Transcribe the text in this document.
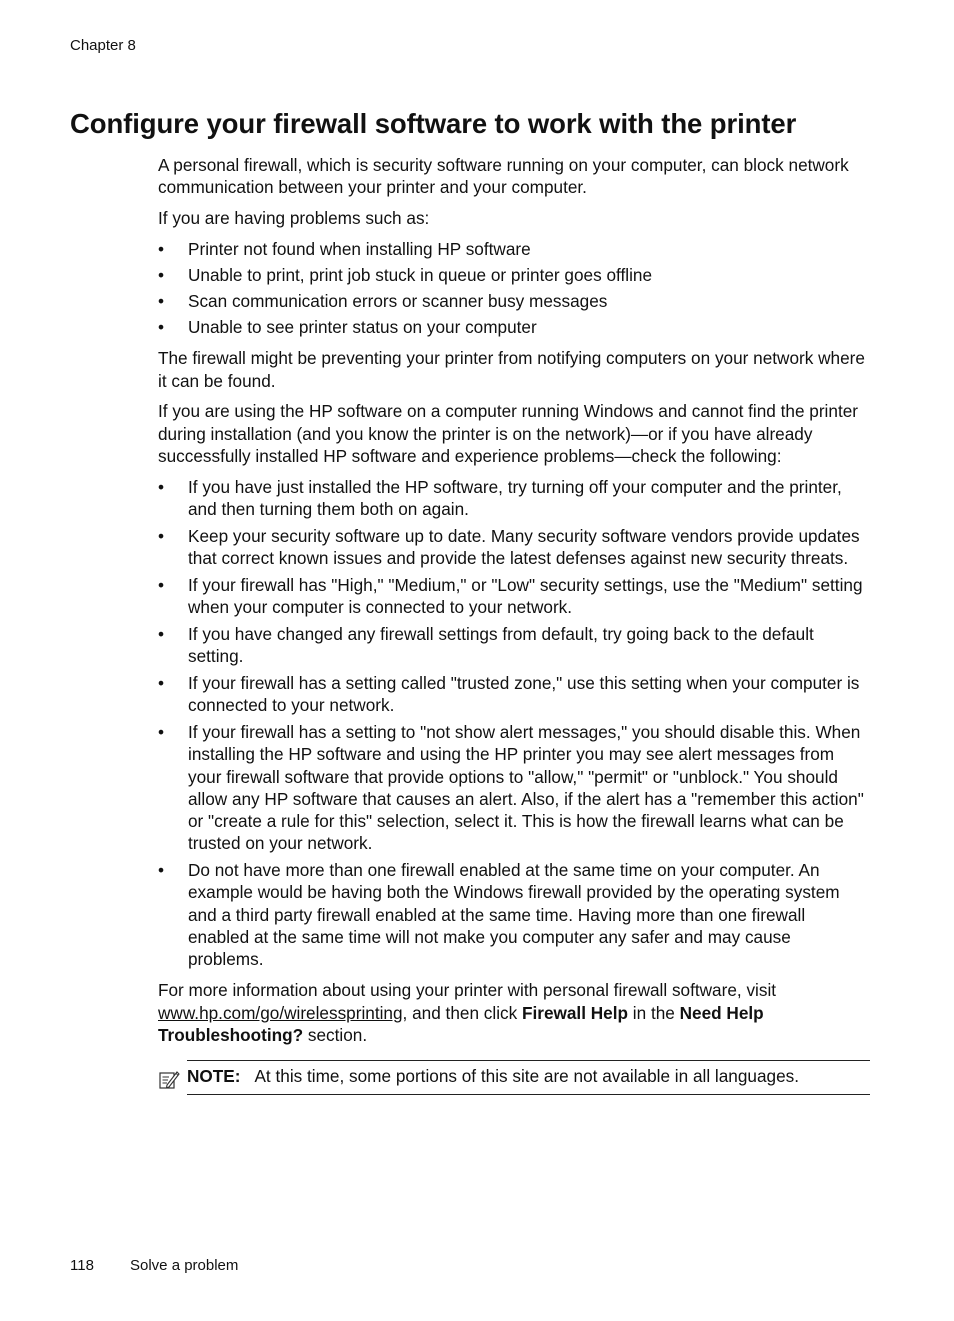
Chapter 8
Configure your firewall software to work with the printer

A personal firewall, which is security software running on your computer, can block network communication between your printer and your computer.

If you are having problems such as:

• Printer not found when installing HP software
• Unable to print, print job stuck in queue or printer goes offline
• Scan communication errors or scanner busy messages
• Unable to see printer status on your computer

The firewall might be preventing your printer from notifying computers on your network where it can be found.

If you are using the HP software on a computer running Windows and cannot find the printer during installation (and you know the printer is on the network)—or if you have already successfully installed HP software and experience problems—check the following:

• If you have just installed the HP software, try turning off your computer and the printer, and then turning them both on again.
• Keep your security software up to date. Many security software vendors provide updates that correct known issues and provide the latest defenses against new security threats.
• If your firewall has "High," "Medium," or "Low" security settings, use the "Medium" setting when your computer is connected to your network.
• If you have changed any firewall settings from default, try going back to the default setting.
• If your firewall has a setting called "trusted zone," use this setting when your computer is connected to your network.
• If your firewall has a setting to "not show alert messages," you should disable this. When installing the HP software and using the HP printer you may see alert messages from your firewall software that provide options to "allow," "permit" or "unblock." You should allow any HP software that causes an alert. Also, if the alert has a "remember this action" or "create a rule for this" selection, select it. This is how the firewall learns what can be trusted on your network.
• Do not have more than one firewall enabled at the same time on your computer. An example would be having both the Windows firewall provided by the operating system and a third party firewall enabled at the same time. Having more than one firewall enabled at the same time will not make you computer any safer and may cause problems.

For more information about using your printer with personal firewall software, visit www.hp.com/go/wirelessprinting, and then click Firewall Help in the Need Help Troubleshooting? section.

NOTE: At this time, some portions of this site are not available in all languages.
118 Solve a problem
